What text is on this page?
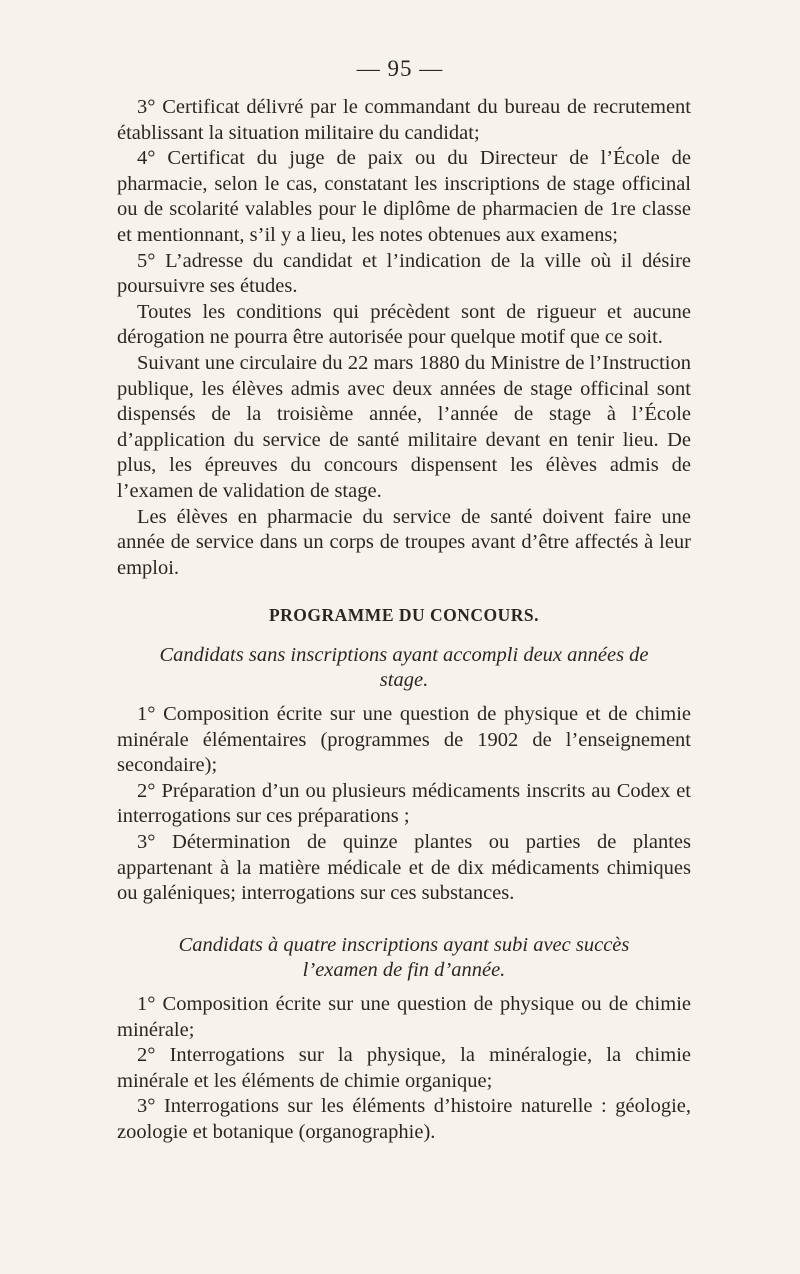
— 95 —

3° Certificat délivré par le commandant du bureau de recrutement établissant la situation militaire du candidat;

4° Certificat du juge de paix ou du Directeur de l’École de pharmacie, selon le cas, constatant les inscriptions de stage officinal ou de scolarité valables pour le diplôme de pharmacien de 1re classe et mentionnant, s’il y a lieu, les notes obtenues aux examens;

5° L’adresse du candidat et l’indication de la ville où il désire poursuivre ses études.

Toutes les conditions qui précèdent sont de rigueur et aucune dérogation ne pourra être autorisée pour quelque motif que ce soit.

Suivant une circulaire du 22 mars 1880 du Ministre de l’Instruction publique, les élèves admis avec deux années de stage officinal sont dispensés de la troisième année, l’année de stage à l’École d’application du service de santé militaire devant en tenir lieu. De plus, les épreuves du concours dispensent les élèves admis de l’examen de validation de stage.

Les élèves en pharmacie du service de santé doivent faire une année de service dans un corps de troupes avant d’être affectés à leur emploi.

PROGRAMME DU CONCOURS.

Candidats sans inscriptions ayant accompli deux années de stage.

1° Composition écrite sur une question de physique et de chimie minérale élémentaires (programmes de 1902 de l’enseignement secondaire);

2° Préparation d’un ou plusieurs médicaments inscrits au Codex et interrogations sur ces préparations ;

3° Détermination de quinze plantes ou parties de plantes appartenant à la matière médicale et de dix médicaments chimiques ou galéniques; interrogations sur ces substances.

Candidats à quatre inscriptions ayant subi avec succès l’examen de fin d’année.

1° Composition écrite sur une question de physique ou de chimie minérale;

2° Interrogations sur la physique, la minéralogie, la chimie minérale et les éléments de chimie organique;

3° Interrogations sur les éléments d’histoire naturelle : géologie, zoologie et botanique (organographie).
